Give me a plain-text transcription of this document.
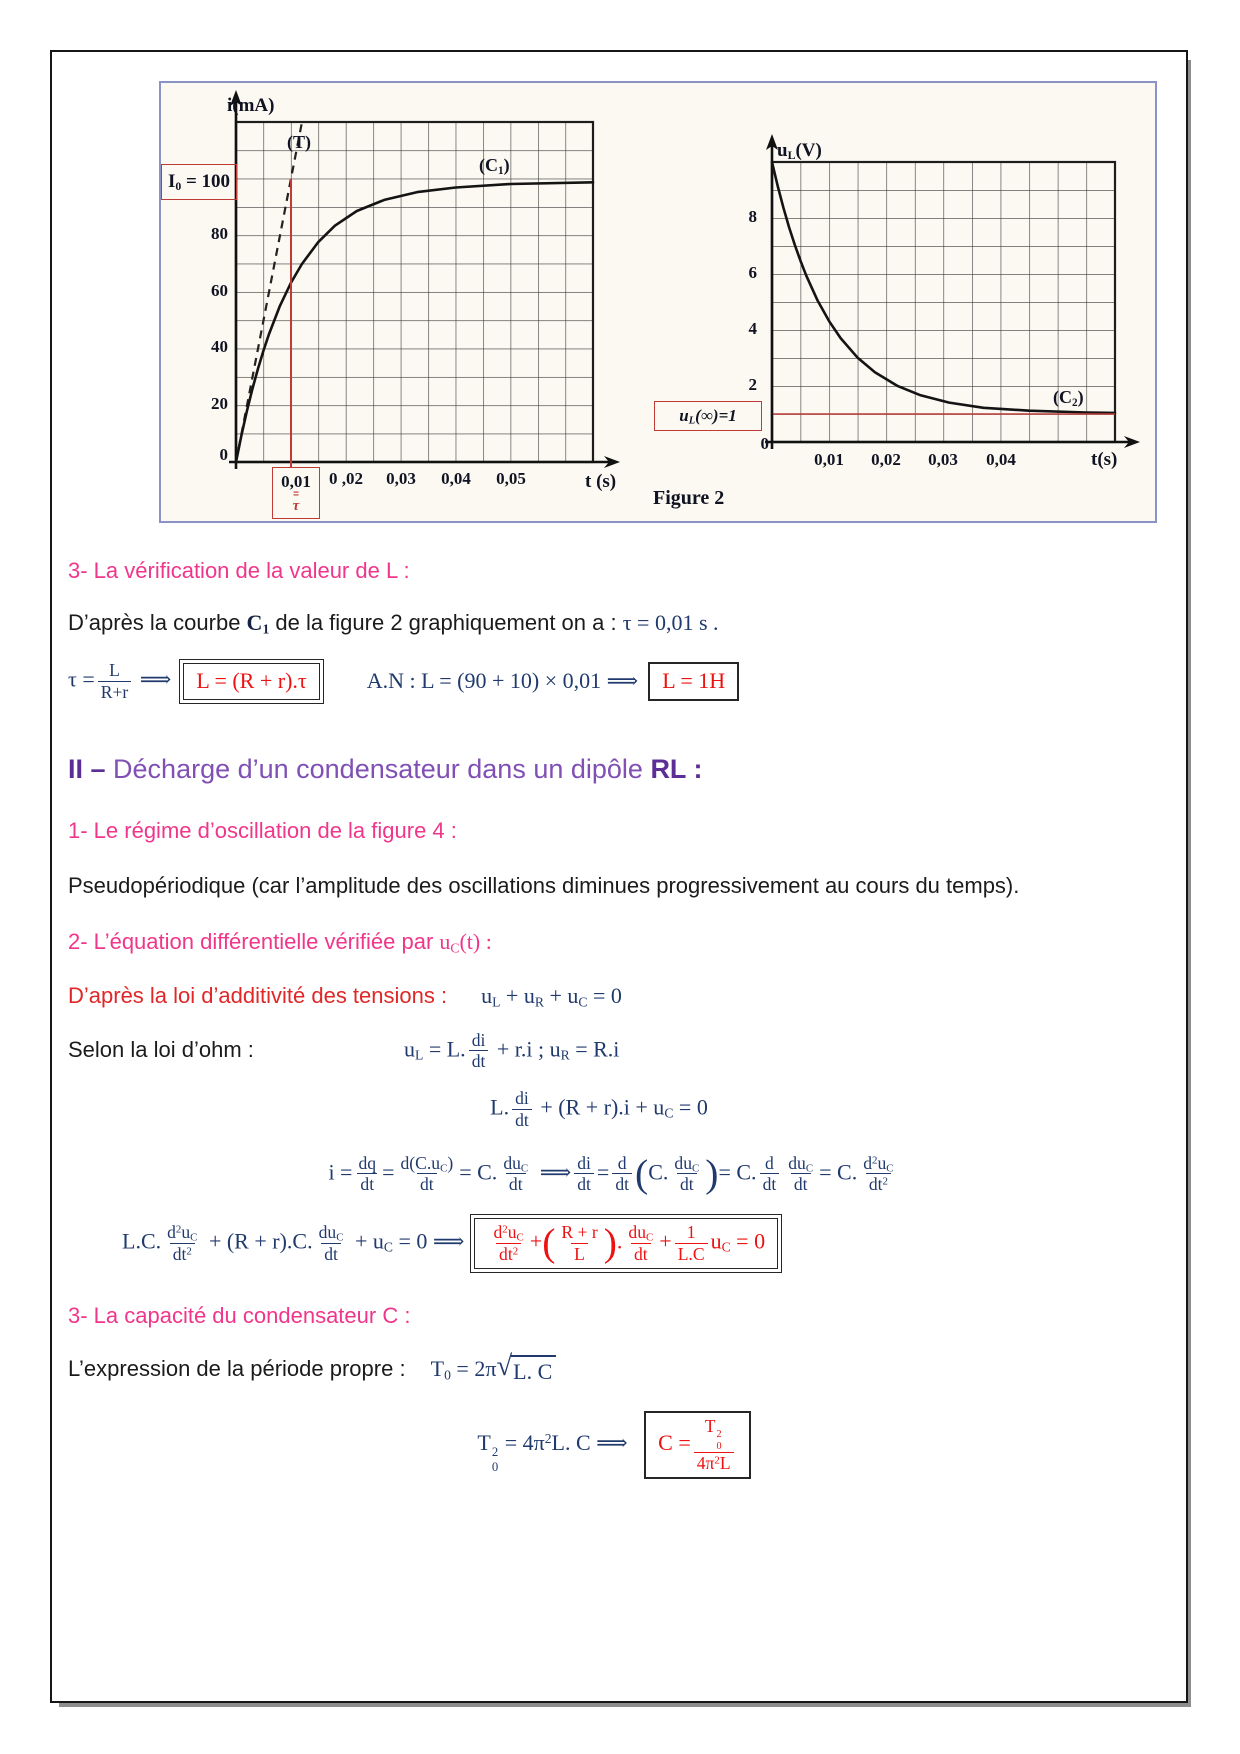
i(mA)
$I_0 = 100$
80
60
40
20
0
(T)
$(C_1)$
0,01
=
τ
0 ,02	0,03	0,04	0,05	t (s)
$u_L(V)$
8
6
4
2
0
$u_L(\infty)=1$
$(C_2)$
0,01	0,02	0,03	0,04	t(s)
Figure 2
3- La vérification de la valeur de L :

D’après la courbe $C_1$ de la figure 2 graphiquement on a : τ = 0,01 s .

$\tau = \frac{L}{R+r}$ ⟹	L = (R + r).τ	A.N : L = (90 + 10) × 0,01 ⟹	L = 1H
II – Décharge d’un condensateur dans un dipôle RL :
1- Le régime d’oscillation de la figure 4 :

Pseudopériodique (car l’amplitude des oscillations diminues progressivement au cours du temps).

2- L’équation différentielle vérifiée par $u_C(t)$ :
D’après la loi d’additivité des tensions : $u_L + u_R + u_C = 0$
Selon la loi d’ohm :	$u_L = L$. $\frac{di}{dt} + r.i$ ; $u_R = R.i$
L. $\frac{di}{dt} + (R + r).i + u_C = 0$
$i = \frac{dq}{dt} = \frac{d(C.u_C)}{dt} = C$. $du_C$
dt
⟹ $\frac{di}{dt} = \frac{d}{dt} (C$. $du_C$
dt )= C. $\frac{d}{dt} du_C$
dt
= C. $\frac{d^2u_C}{dt^2}$
L.C. $\frac{d^2u_C}{dt^2} + (R + r).C$. $du_C$
dt
+ $u_C = 0$ ⟹ $\frac{d^2u_C}{dt^2}$ +( $\frac{R + r}{L}$ ). $du_C$
dt
+ $\frac{1}{L.C} u_C = 0$
3- La capacité du condensateur C :
L’expression de la période propre : $T_0 = 2\pi$ √ L. C
T 2
0
= $4\pi^2L$. C ⟹ C = T 2
0
$4\pi^2L$
